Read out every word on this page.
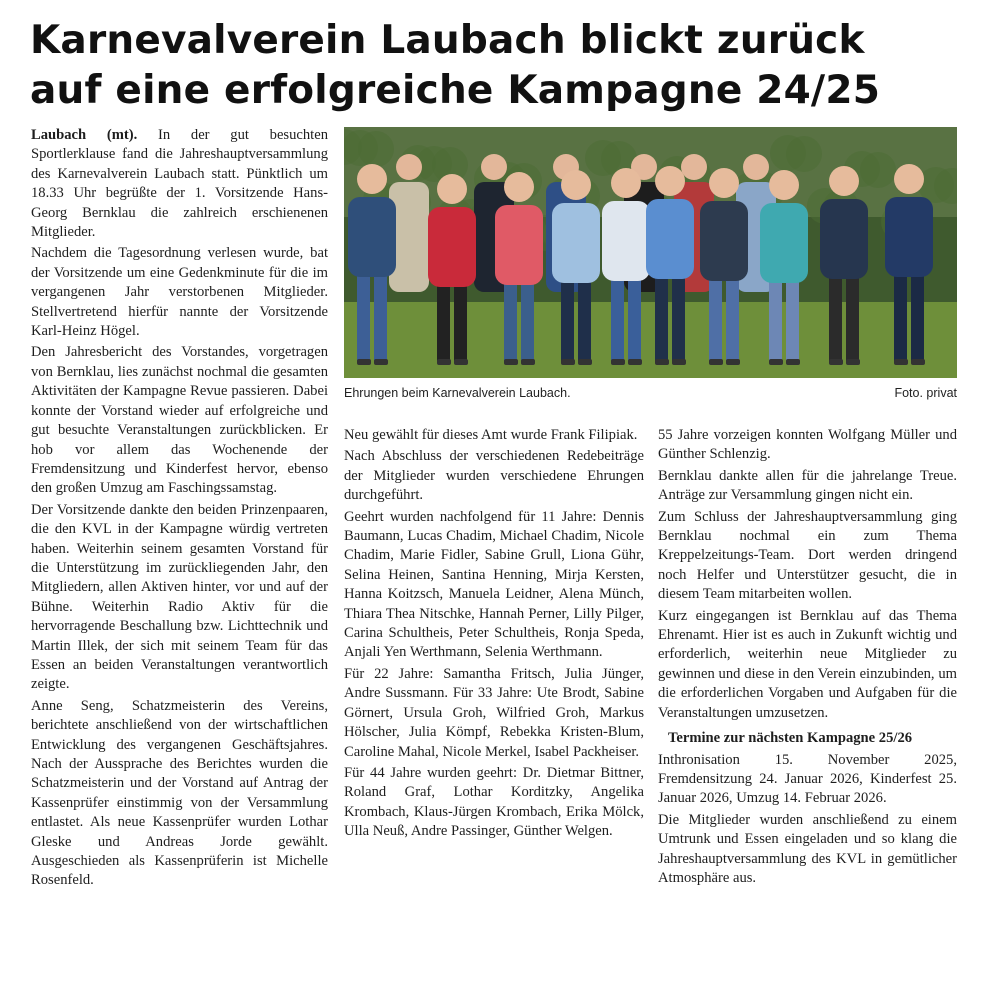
Karnevalverein Laubach blickt zurück
auf eine erfolgreiche Kampagne 24/25

Laubach (mt). In der gut besuchten Sportlerklause fand die Jahreshauptversammlung des Karnevalverein Laubach statt. Pünktlich um 18.33 Uhr begrüßte der 1. Vorsitzende Hans-Georg Bernklau die zahlreich erschienenen Mitglieder.

Nachdem die Tagesordnung verlesen wurde, bat der Vorsitzende um eine Gedenkminute für die im vergangenen Jahr verstorbenen Mitglieder. Stellvertretend hierfür nannte der Vorsitzende Karl-Heinz Högel.

Den Jahresbericht des Vorstandes, vorgetragen von Bernklau, lies zunächst nochmal die gesamten Aktivitäten der Kampagne Revue passieren. Dabei konnte der Vorstand wieder auf erfolgreiche und gut besuchte Veranstaltungen zurückblicken. Er hob vor allem das Wochenende der Fremdensitzung und Kinderfest hervor, ebenso den großen Umzug am Faschingssamstag.

Der Vorsitzende dankte den beiden Prinzenpaaren, die den KVL in der Kampagne würdig vertreten haben. Weiterhin seinem gesamten Vorstand für die Unterstützung im zurückliegenden Jahr, den Mitgliedern, allen Aktiven hinter, vor und auf der Bühne. Weiterhin Radio Aktiv für die hervorragende Beschallung bzw. Lichttechnik und Martin Illek, der sich mit seinem Team für das Essen an beiden Veranstaltungen verantwortlich zeigte.

Anne Seng, Schatzmeisterin des Vereins, berichtete anschließend von der wirtschaftlichen Entwicklung des vergangenen Geschäftsjahres. Nach der Aussprache des Berichtes wurden die Schatzmeisterin und der Vorstand auf Antrag der Kassenprüfer einstimmig von der Versammlung entlastet. Als neue Kassenprüfer wurden Lothar Gleske und Andreas Jorde gewählt. Ausgeschieden als Kassenprüferin ist Michelle Rosenfeld.

Ehrungen beim Karnevalverein Laubach.	Foto. privat

Neu gewählt für dieses Amt wurde Frank Filipiak.

Nach Abschluss der verschiedenen Redebeiträge der Mitglieder wurden verschiedene Ehrungen durchgeführt.

Geehrt wurden nachfolgend für 11 Jahre: Dennis Baumann, Lucas Chadim, Michael Chadim, Nicole Chadim, Marie Fidler, Sabine Grull, Liona Gühr, Selina Heinen, Santina Henning, Mirja Kersten, Hanna Koitzsch, Manuela Leidner, Alena Münch, Thiara Thea Nitschke, Hannah Perner, Lilly Pilger, Carina Schultheis, Peter Schultheis, Ronja Speda, Anjali Yen Werthmann, Selenia Werthmann.

Für 22 Jahre: Samantha Fritsch, Julia Jünger, Andre Sussmann. Für 33 Jahre: Ute Brodt, Sabine Görnert, Ursula Groh, Wilfried Groh, Markus Hölscher, Julia Kömpf, Rebekka Kristen-Blum, Caroline Mahal, Nicole Merkel, Isabel Packheiser.

Für 44 Jahre wurden geehrt: Dr. Dietmar Bittner, Roland Graf, Lothar Korditzky, Angelika Krombach, Klaus-Jürgen Krombach, Erika Mölck, Ulla Neuß, Andre Passinger, Günther Welgen.

55 Jahre vorzeigen konnten Wolfgang Müller und Günther Schlenzig.

Bernklau dankte allen für die jahrelange Treue. Anträge zur Versammlung gingen nicht ein.

Zum Schluss der Jahreshauptversammlung ging Bernklau nochmal ein zum Thema Kreppelzeitungs-Team. Dort werden dringend noch Helfer und Unterstützer gesucht, die in diesem Team mitarbeiten wollen.

Kurz eingegangen ist Bernklau auf das Thema Ehrenamt. Hier ist es auch in Zukunft wichtig und erforderlich, weiterhin neue Mitglieder zu gewinnen und diese in den Verein einzubinden, um die erforderlichen Vorgaben und Aufgaben für die Veranstaltungen umzusetzen.

Termine zur nächsten Kampagne 25/26

Inthronisation 15. November 2025, Fremdensitzung 24. Januar 2026, Kinderfest 25. Januar 2026, Umzug 14. Februar 2026.

Die Mitglieder wurden anschließend zu einem Umtrunk und Essen eingeladen und so klang die Jahreshauptversammlung des KVL in gemütlicher Atmosphäre aus.
